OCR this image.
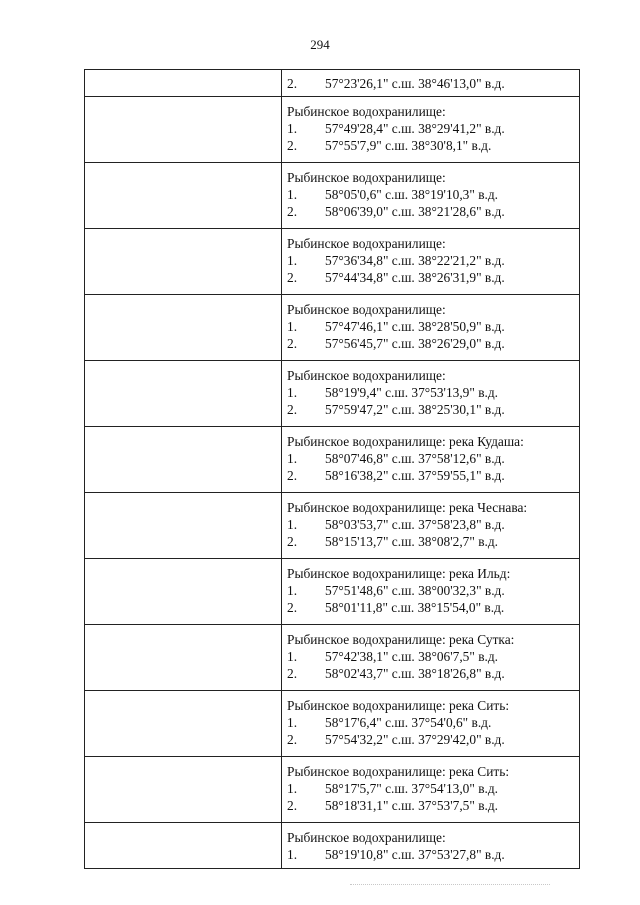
294

	2. 57°23'26,1" с.ш. 38°46'13,0" в.д.

	Рыбинское водохранилище:
1. 57°49'28,4" с.ш. 38°29'41,2" в.д.
2. 57°55'7,9" с.ш. 38°30'8,1" в.д.

	Рыбинское водохранилище:
1. 58°05'0,6" с.ш. 38°19'10,3" в.д.
2. 58°06'39,0" с.ш. 38°21'28,6" в.д.

	Рыбинское водохранилище:
1. 57°36'34,8" с.ш. 38°22'21,2" в.д.
2. 57°44'34,8" с.ш. 38°26'31,9" в.д.

	Рыбинское водохранилище:
1. 57°47'46,1" с.ш. 38°28'50,9" в.д.
2. 57°56'45,7" с.ш. 38°26'29,0" в.д.

	Рыбинское водохранилище:
1. 58°19'9,4" с.ш. 37°53'13,9" в.д.
2. 57°59'47,2" с.ш. 38°25'30,1" в.д.

	Рыбинское водохранилище: река Кудаша:
1. 58°07'46,8" с.ш. 37°58'12,6" в.д.
2. 58°16'38,2" с.ш. 37°59'55,1" в.д.

	Рыбинское водохранилище: река Чеснава:
1. 58°03'53,7" с.ш. 37°58'23,8" в.д.
2. 58°15'13,7" с.ш. 38°08'2,7" в.д.

	Рыбинское водохранилище: река Ильд:
1. 57°51'48,6" с.ш. 38°00'32,3" в.д.
2. 58°01'11,8" с.ш. 38°15'54,0" в.д.

	Рыбинское водохранилище: река Сутка:
1. 57°42'38,1" с.ш. 38°06'7,5" в.д.
2. 58°02'43,7" с.ш. 38°18'26,8" в.д.

	Рыбинское водохранилище: река Сить:
1. 58°17'6,4" с.ш. 37°54'0,6" в.д.
2. 57°54'32,2" с.ш. 37°29'42,0" в.д.

	Рыбинское водохранилище: река Сить:
1. 58°17'5,7" с.ш. 37°54'13,0" в.д.
2. 58°18'31,1" с.ш. 37°53'7,5" в.д.

	Рыбинское водохранилище:
1. 58°19'10,8" с.ш. 37°53'27,8" в.д.
